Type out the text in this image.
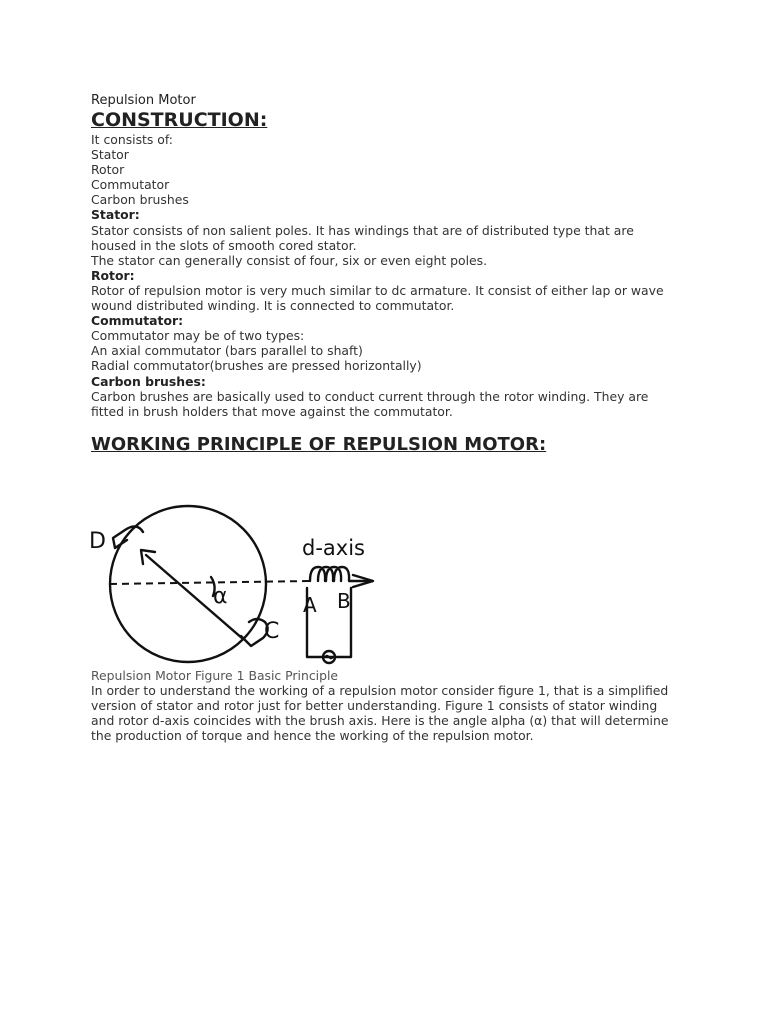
Repulsion Motor

CONSTRUCTION:

It consists of:

Stator

Rotor

Commutator

Carbon brushes

Stator:

Stator consists of non salient poles. It has windings that are of distributed type that are

housed in the slots of smooth cored stator.

The stator can generally consist of four, six or even eight poles.

Rotor:

Rotor of repulsion motor is very much similar to dc armature. It consist of either lap or wave

wound distributed winding. It is connected to commutator.

Commutator:

Commutator may be of two types:

An axial commutator (bars parallel to shaft)

Radial commutator(brushes are pressed horizontally)

Carbon brushes:

Carbon brushes are basically used to conduct current through the rotor winding. They are

fitted in brush holders that move against the commutator.

WORKING PRINCIPLE OF REPULSION MOTOR:

D
C
d-axis
α	A B

Repulsion Motor Figure 1 Basic Principle

In order to understand the working of a repulsion motor consider figure 1, that is a simplified

version of stator and rotor just for better understanding. Figure 1 consists of stator winding

and rotor d-axis coincides with the brush axis. Here is the angle alpha (α) that will determine

the production of torque and hence the working of the repulsion motor.
